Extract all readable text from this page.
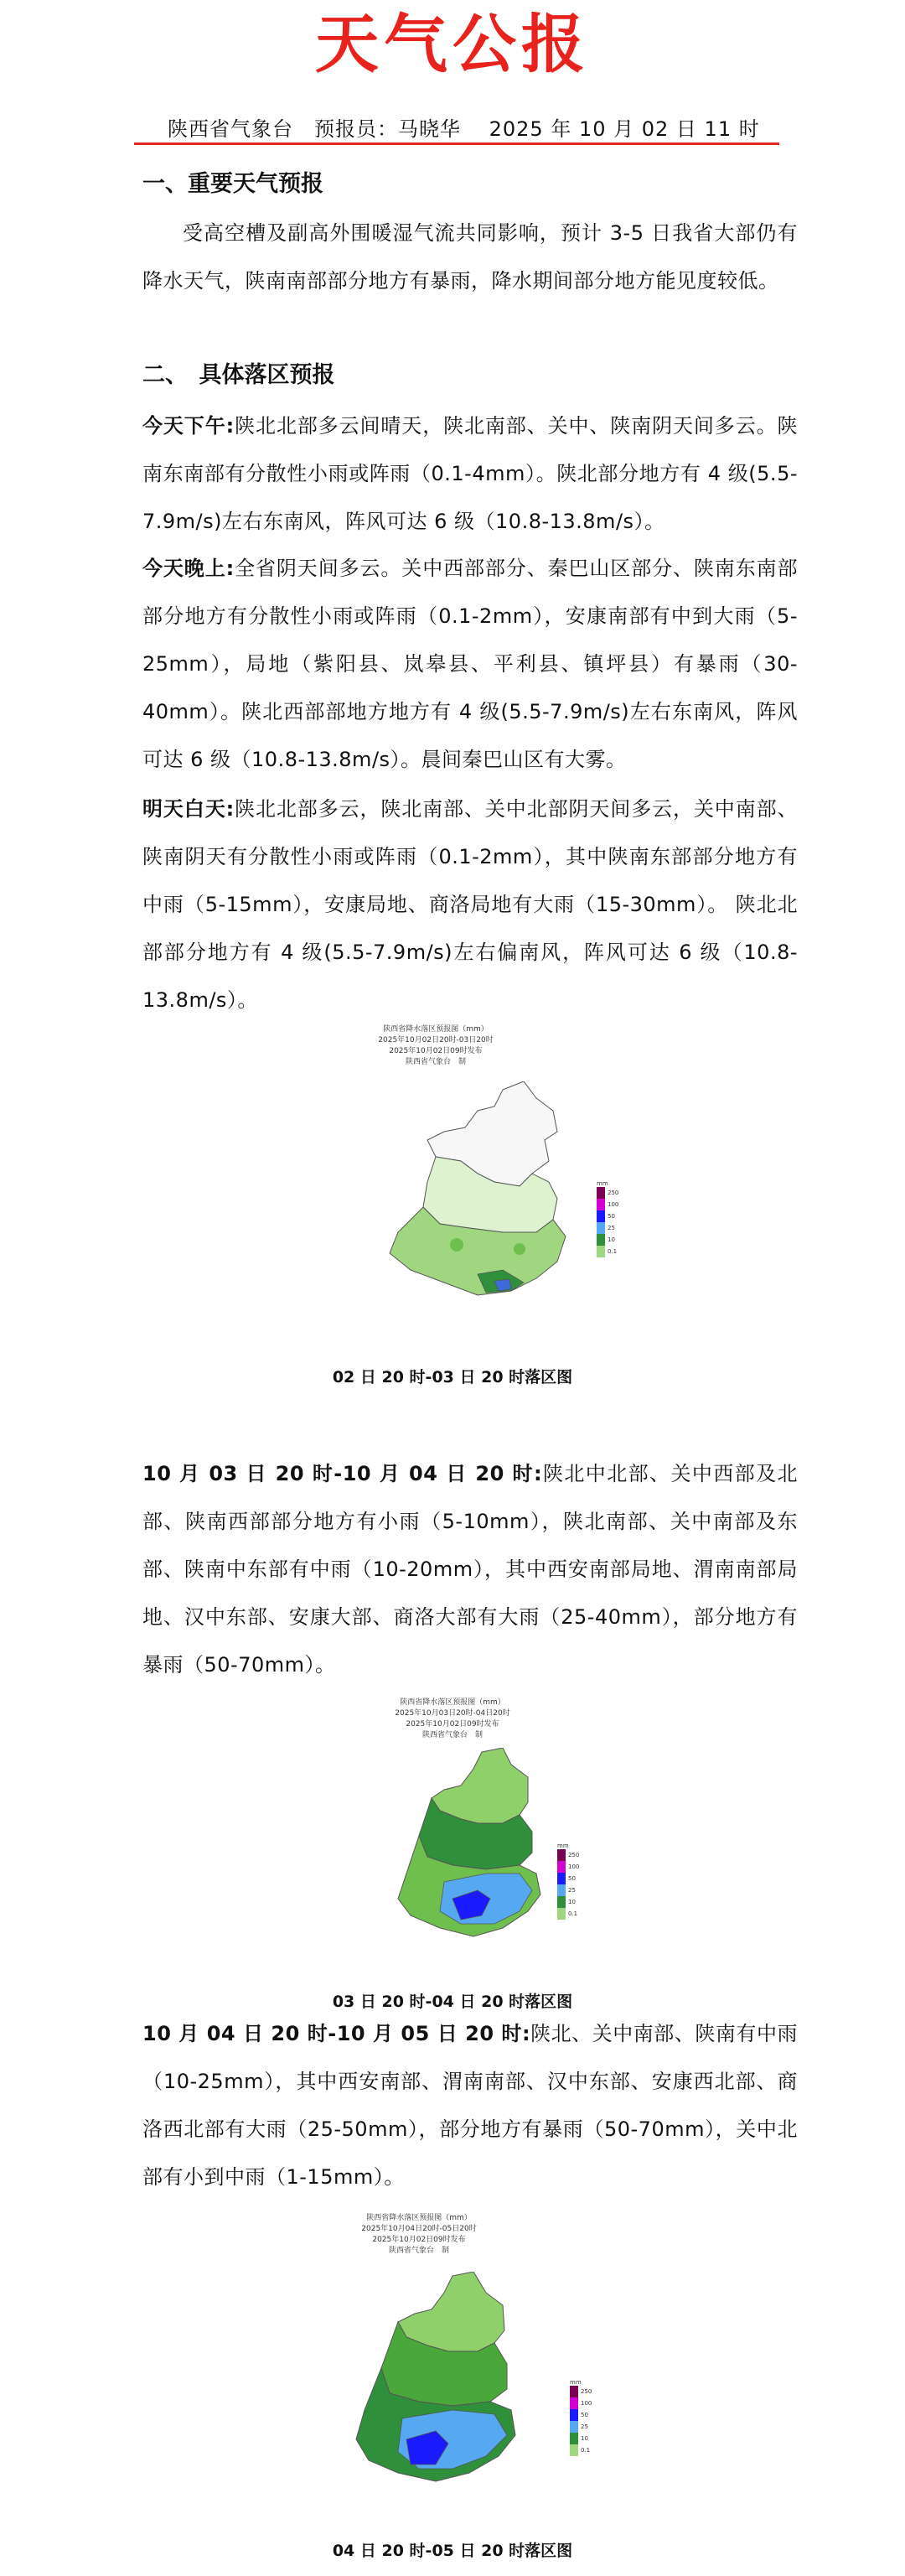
天气公报
陕西省气象台　预报员：马晓华　 2025 年 10 月 02 日 11 时
一、重要天气预报
受高空槽及副高外围暖湿气流共同影响，预计 3-5 日我省大部仍有降水天气，陕南南部部分地方有暴雨，降水期间部分地方能见度较低。
二、　具体落区预报
今天下午:陕北北部多云间晴天，陕北南部、关中、陕南阴天间多云。陕南东南部有分散性小雨或阵雨（0.1-4mm）。陕北部分地方有 4 级(5.5-7.9m/s)左右东南风，阵风可达 6 级（10.8-13.8m/s）。
今天晚上:全省阴天间多云。关中西部部分、秦巴山区部分、陕南东南部部分地方有分散性小雨或阵雨（0.1-2mm），安康南部有中到大雨（5-25mm），局地（紫阳县、岚皋县、平利县、镇坪县）有暴雨（30-40mm）。陕北西部部地方地方有 4 级(5.5-7.9m/s)左右东南风，阵风可达 6 级（10.8-13.8m/s）。晨间秦巴山区有大雾。
明天白天:陕北北部多云，陕北南部、关中北部阴天间多云，关中南部、陕南阴天有分散性小雨或阵雨（0.1-2mm），其中陕南东部部分地方有中雨（5-15mm），安康局地、商洛局地有大雨（15-30mm）。 陕北北部部分地方有 4 级(5.5-7.9m/s)左右偏南风，阵风可达 6 级（10.8-13.8m/s）。
陕西省降水落区预报图（mm）
2025年10月02日20时-03日20时
2025年10月02日09时发布
陕西省气象台　制
mm
250
100
50
25
10
0.1
02 日 20 时-03 日 20 时落区图
10 月 03 日 20 时-10 月 04 日 20 时:陕北中北部、关中西部及北部、陕南西部部分地方有小雨（5-10mm），陕北南部、关中南部及东部、陕南中东部有中雨（10-20mm），其中西安南部局地、渭南南部局地、汉中东部、安康大部、商洛大部有大雨（25-40mm），部分地方有暴雨（50-70mm）。
陕西省降水落区预报图（mm）
2025年10月03日20时-04日20时
2025年10月02日09时发布
陕西省气象台　制
mm
250
100
50
25
10
0.1
03 日 20 时-04 日 20 时落区图
10 月 04 日 20 时-10 月 05 日 20 时:陕北、关中南部、陕南有中雨（10-25mm），其中西安南部、渭南南部、汉中东部、安康西北部、商洛西北部有大雨（25-50mm），部分地方有暴雨（50-70mm），关中北部有小到中雨（1-15mm）。
陕西省降水落区预报图（mm）
2025年10月04日20时-05日20时
2025年10月02日09时发布
陕西省气象台　制
mm
250
100
50
25
10
0.1
04 日 20 时-05 日 20 时落区图
